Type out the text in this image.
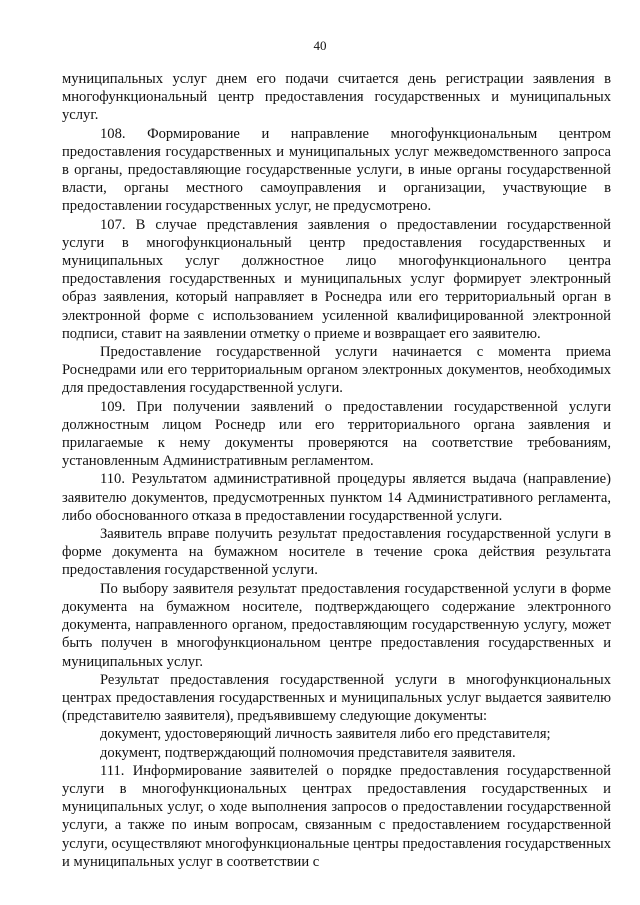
40

муниципальных услуг днем его подачи считается день регистрации заявления в многофункциональный центр предоставления государственных и муниципальных услуг.

108. Формирование и направление многофункциональным центром предоставления государственных и муниципальных услуг межведомственного запроса в органы, предоставляющие государственные услуги, в иные органы государственной власти, органы местного самоуправления и организации, участвующие в предоставлении государственных услуг, не предусмотрено.

107. В случае представления заявления о предоставлении государственной услуги в многофункциональный центр предоставления государственных и муниципальных услуг должностное лицо многофункционального центра предоставления государственных и муниципальных услуг формирует электронный образ заявления, который направляет в Роснедра или его территориальный орган в электронной форме с использованием усиленной квалифицированной электронной подписи, ставит на заявлении отметку о приеме и возвращает его заявителю.

Предоставление государственной услуги начинается с момента приема Роснедрами или его территориальным органом электронных документов, необходимых для предоставления государственной услуги.

109. При получении заявлений о предоставлении государственной услуги должностным лицом Роснедр или его территориального органа заявления и прилагаемые к нему документы проверяются на соответствие требованиям, установленным Административным регламентом.

110. Результатом административной процедуры является выдача (направление) заявителю документов, предусмотренных пунктом 14 Административного регламента, либо обоснованного отказа в предоставлении государственной услуги.

Заявитель вправе получить результат предоставления государственной услуги в форме документа на бумажном носителе в течение срока действия результата предоставления государственной услуги.

По выбору заявителя результат предоставления государственной услуги в форме документа на бумажном носителе, подтверждающего содержание электронного документа, направленного органом, предоставляющим государственную услугу, может быть получен в многофункциональном центре предоставления государственных и муниципальных услуг.

Результат предоставления государственной услуги в многофункциональных центрах предоставления государственных и муниципальных услуг выдается заявителю (представителю заявителя), предъявившему следующие документы:

документ, удостоверяющий личность заявителя либо его представителя;

документ, подтверждающий полномочия представителя заявителя.

111. Информирование заявителей о порядке предоставления государственной услуги в многофункциональных центрах предоставления государственных и муниципальных услуг, о ходе выполнения запросов о предоставлении государственной услуги, а также по иным вопросам, связанным с предоставлением государственной услуги, осуществляют многофункциональные центры предоставления государственных и муниципальных услуг в соответствии с
